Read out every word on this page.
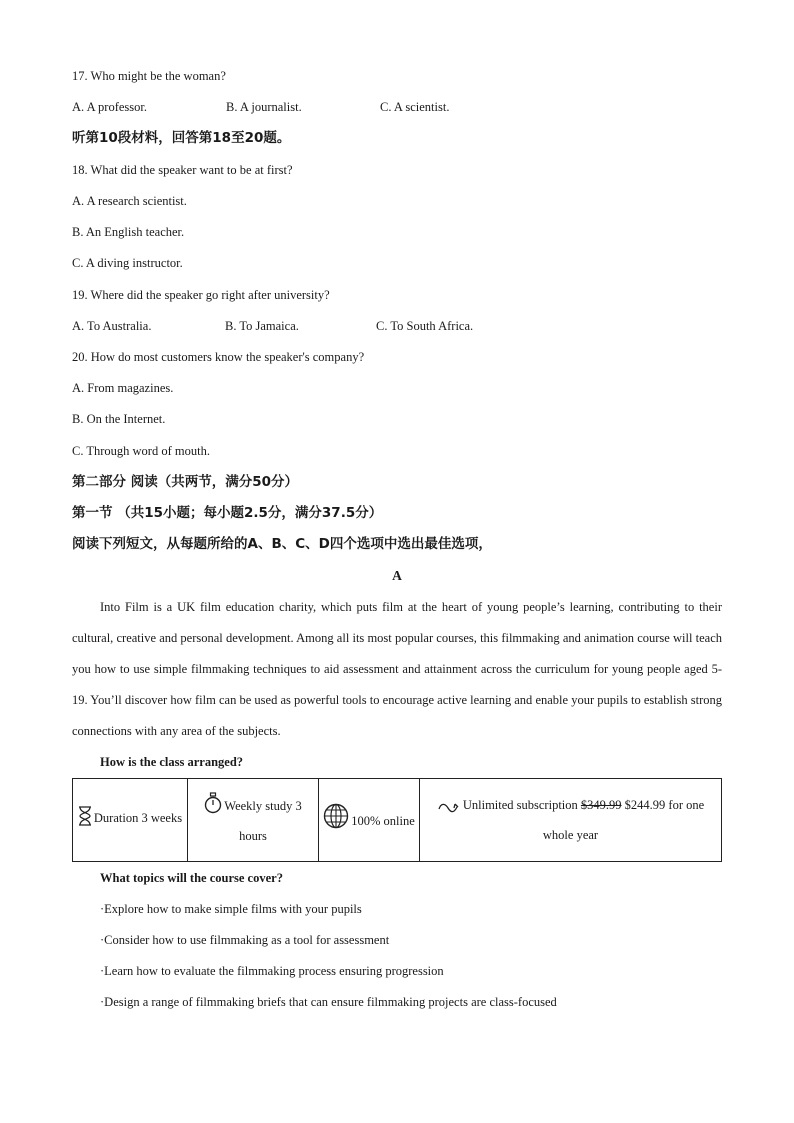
17. Who might be the woman?
A. A professor.	B. A journalist.	C. A scientist.
听第10段材料，回答第18至20题。
18. What did the speaker want to be at first?
A. A research scientist.
B. An English teacher.
C. A diving instructor.
19. Where did the speaker go right after university?
A. To Australia.	B. To Jamaica.	C. To South Africa.
20. How do most customers know the speaker's company?
A. From magazines.
B. On the Internet.
C. Through word of mouth.
第二部分 阅读（共两节，满分50分）
第一节 （共15小题；每小题2.5分，满分37.5分）
阅读下列短文，从每题所给的A、B、C、D四个选项中选出最佳选项，
A
Into Film is a UK film education charity, which puts film at the heart of young people’s learning, contributing to their cultural, creative and personal development. Among all its most popular courses, this filmmaking and animation course will teach you how to use simple filmmaking techniques to aid assessment and attainment across the curriculum for young people aged 5-19. You’ll discover how film can be used as powerful tools to encourage active learning and enable your pupils to establish strong connections with any area of the subjects.
How is the class arranged?
Duration 3 weeks	Weekly study 3 hours	100% online	Unlimited subscription $349.99 $244.99 for one whole year
What topics will the course cover?
·Explore how to make simple films with your pupils
·Consider how to use filmmaking as a tool for assessment
·Learn how to evaluate the filmmaking process ensuring progression
·Design a range of filmmaking briefs that can ensure filmmaking projects are class-focused
